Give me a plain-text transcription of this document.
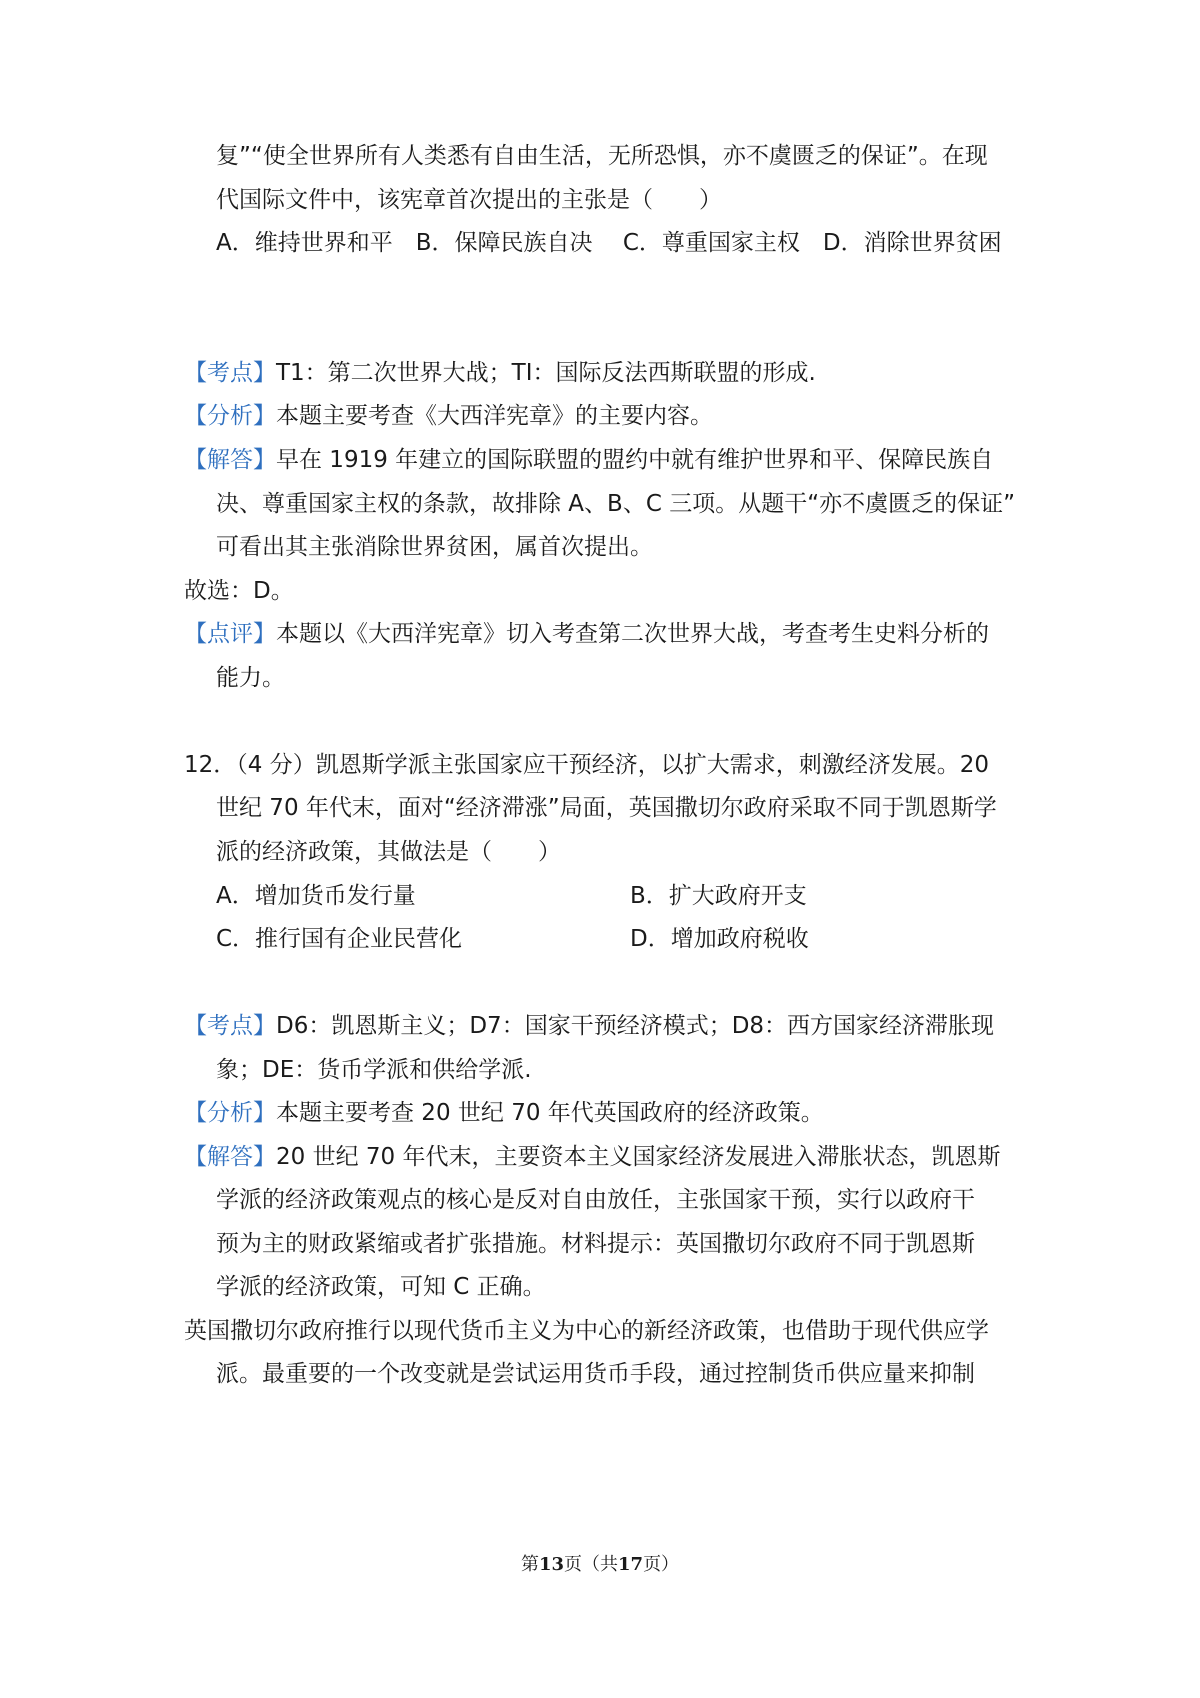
复”“使全世界所有人类悉有自由生活，无所恐惧，亦不虞匮乏的保证”。在现
代国际文件中，该宪章首次提出的主张是（　　）
A．维持世界和平　B．保障民族自决　 C．尊重国家主权　D．消除世界贫困
【考点】T1：第二次世界大战；TI：国际反法西斯联盟的形成.
【分析】本题主要考查《大西洋宪章》的主要内容。
【解答】早在 1919 年建立的国际联盟的盟约中就有维护世界和平、保障民族自
决、尊重国家主权的条款，故排除 A、B、C 三项。从题干“亦不虞匮乏的保证”
可看出其主张消除世界贫困，属首次提出。
故选：D。
【点评】本题以《大西洋宪章》切入考查第二次世界大战，考查考生史料分析的
能力。
12．（4 分）凯恩斯学派主张国家应干预经济，以扩大需求，刺激经济发展。20
世纪 70 年代末，面对“经济滞涨”局面，英国撒切尔政府采取不同于凯恩斯学
派的经济政策，其做法是（　　）
A．增加货币发行量	B．扩大政府开支
C．推行国有企业民营化	D．增加政府税收
【考点】D6：凯恩斯主义；D7：国家干预经济模式；D8：西方国家经济滞胀现
象；DE：货币学派和供给学派.
【分析】本题主要考查 20 世纪 70 年代英国政府的经济政策。
【解答】20 世纪 70 年代末，主要资本主义国家经济发展进入滞胀状态，凯恩斯
学派的经济政策观点的核心是反对自由放任，主张国家干预，实行以政府干
预为主的财政紧缩或者扩张措施。材料提示：英国撒切尔政府不同于凯恩斯
学派的经济政策，可知 C 正确。
英国撒切尔政府推行以现代货币主义为中心的新经济政策，也借助于现代供应学
派。最重要的一个改变就是尝试运用货币手段，通过控制货币供应量来抑制
第13页（共17页）
